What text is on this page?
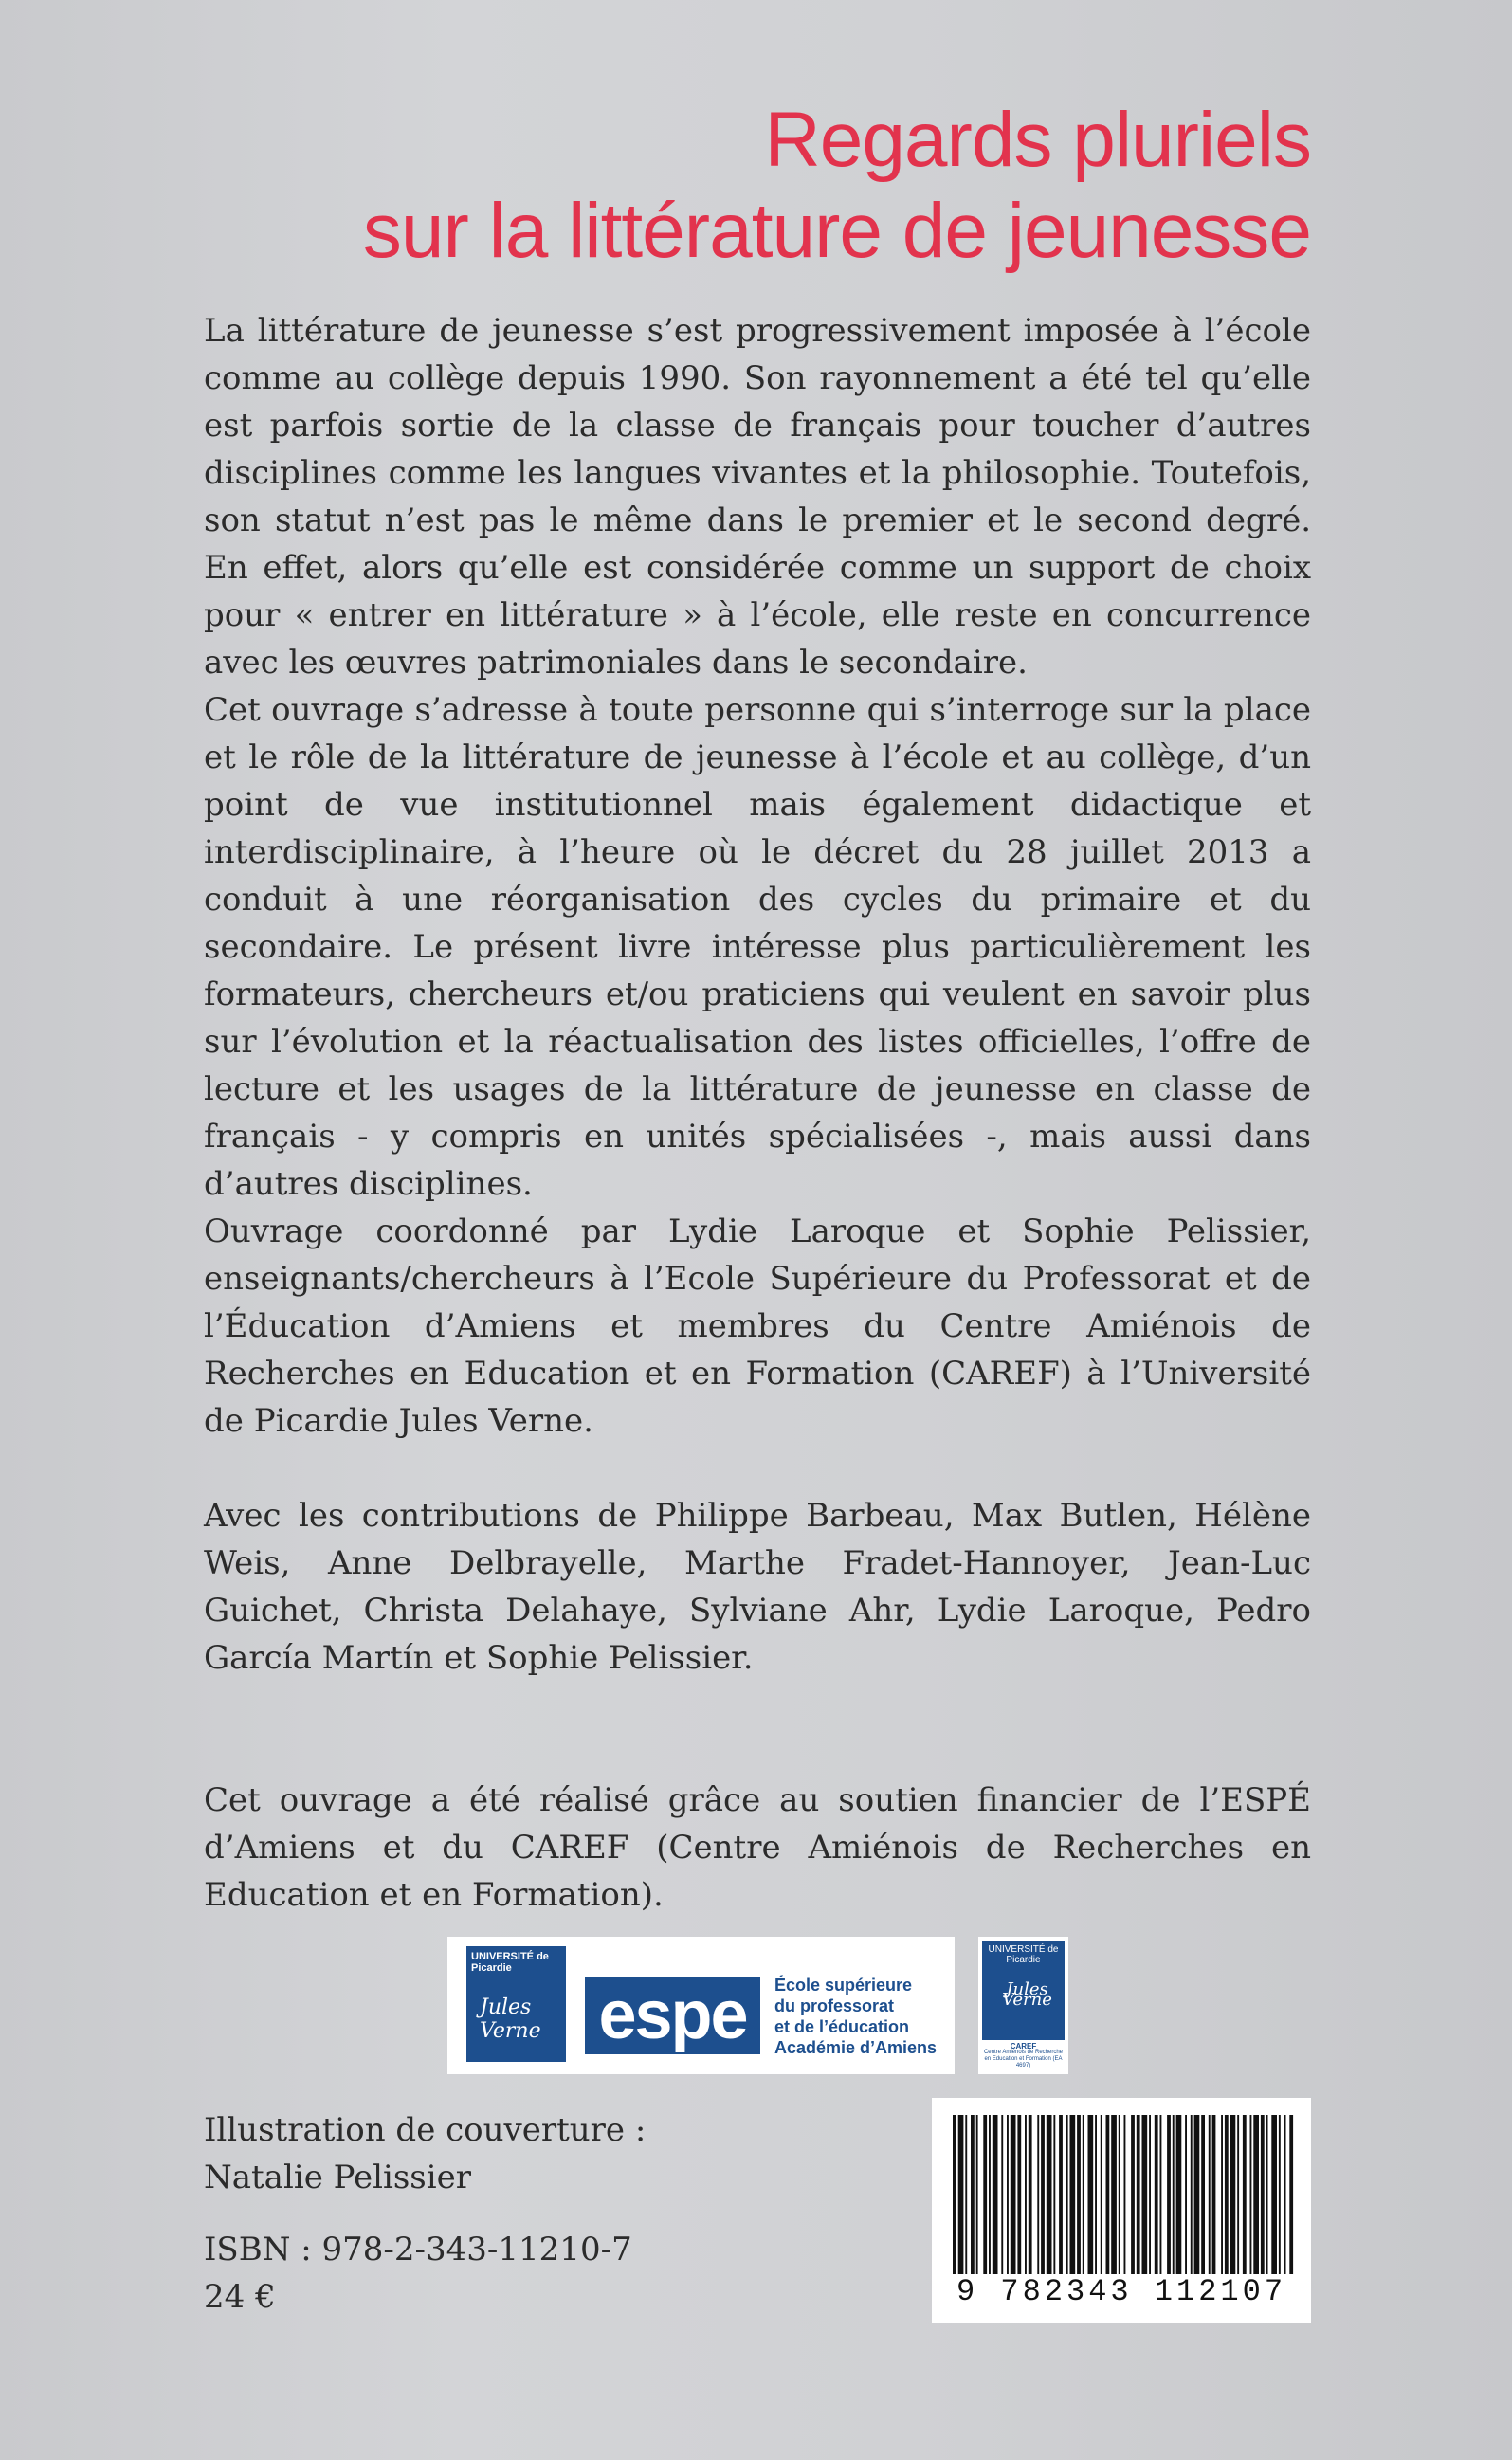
Regards pluriels
sur la littérature de jeunesse

La littérature de jeunesse s’est progressivement imposée à l’école comme au collège depuis 1990. Son rayonnement a été tel qu’elle est parfois sortie de la classe de français pour toucher d’autres disciplines comme les langues vivantes et la philosophie. Toutefois, son statut n’est pas le même dans le premier et le second degré. En effet, alors qu’elle est considérée comme un support de choix pour « entrer en littérature » à l’école, elle reste en concurrence avec les œuvres patrimoniales dans le secondaire.

Cet ouvrage s’adresse à toute personne qui s’interroge sur la place et le rôle de la littérature de jeunesse à l’école et au collège, d’un point de vue institutionnel mais également didactique et interdisciplinaire, à l’heure où le décret du 28 juillet 2013 a conduit à une réorganisation des cycles du primaire et du secondaire. Le présent livre intéresse plus particulièrement les formateurs, chercheurs et/ou praticiens qui veulent en savoir plus sur l’évolution et la réactualisation des listes officielles, l’offre de lecture et les usages de la littérature de jeunesse en classe de français - y compris en unités spécialisées -, mais aussi dans d’autres disciplines.

Ouvrage coordonné par Lydie Laroque et Sophie Pelissier, enseignants/chercheurs à l’Ecole Supérieure du Professorat et de l’Éducation d’Amiens et membres du Centre Amiénois de Recherches en Education et en Formation (CAREF) à l’Université de Picardie Jules Verne.

Avec les contributions de Philippe Barbeau, Max Butlen, Hélène Weis, Anne Delbrayelle, Marthe Fradet-Hannoyer, Jean-Luc Guichet, Christa Delahaye, Sylviane Ahr, Lydie Laroque, Pedro García Martín et Sophie Pelissier.

Cet ouvrage a été réalisé grâce au soutien financier de l’ESPÉ d’Amiens et du CAREF (Centre Amiénois de Recherches en Education et en Formation).

UNIVERSITÉ de Picardie
Jules Verne espe	École supérieure
du professorat
et de l’éducation
Académie d’Amiens
UNIVERSITÉ de Picardie
Jules Verne
CAREF
Centre Amiénois de Recherche en Education et Formation (EA 4697)
Illustration de couverture :
Natalie Pelissier
ISBN : 978-2-343-11210-7
24 €	9 782343 112107
